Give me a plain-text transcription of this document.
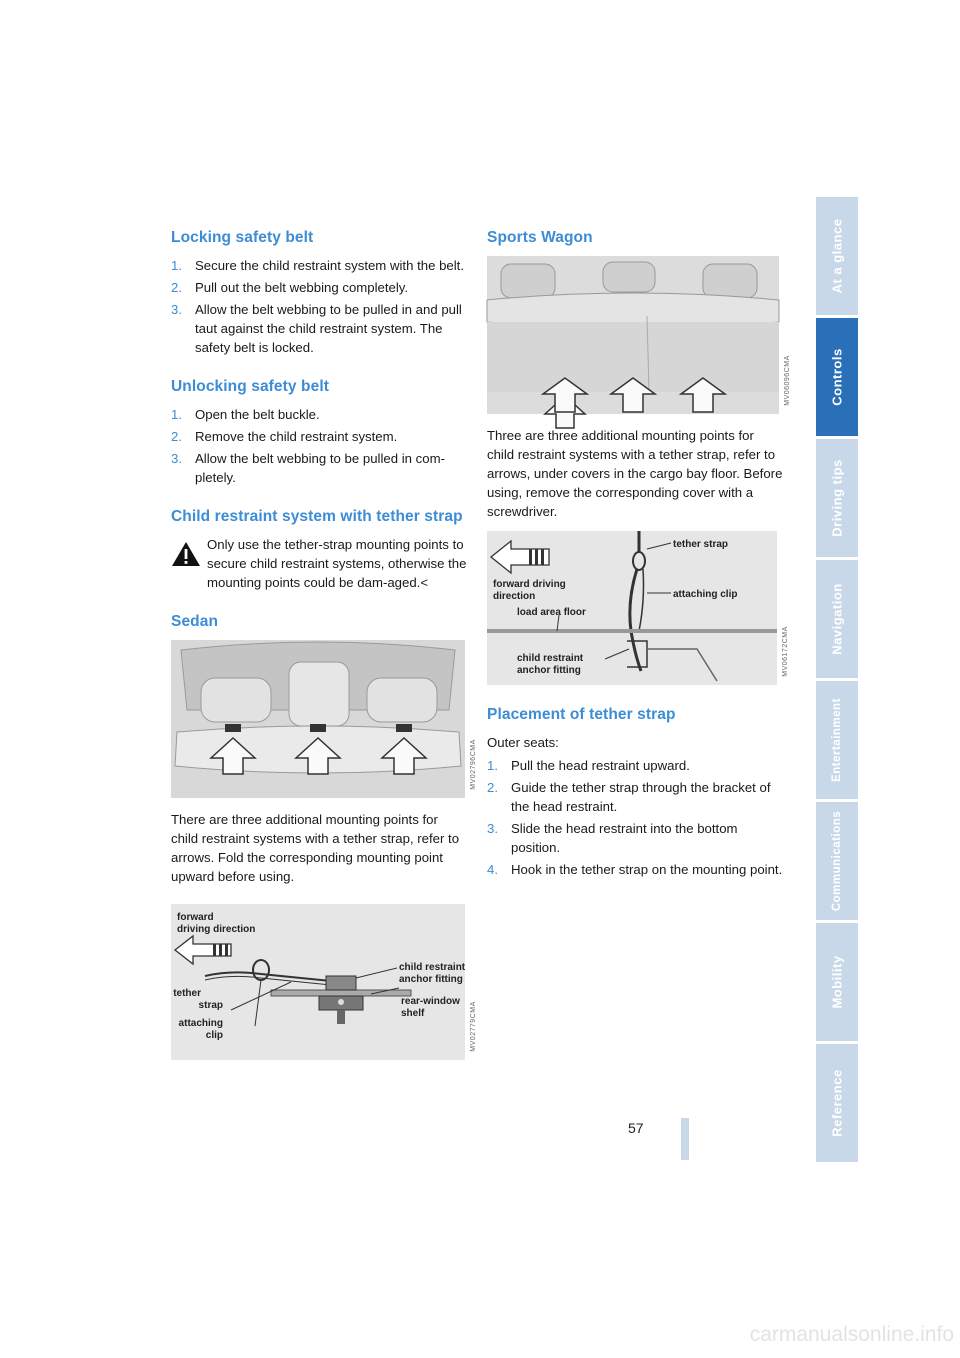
Locking safety belt
1. Secure the child restraint system with the belt.
2. Pull out the belt webbing completely.
3. Allow the belt webbing to be pulled in and pull taut against the child restraint system. The safety belt is locked.
Unlocking safety belt
1. Open the belt buckle.
2. Remove the child restraint system.
3. Allow the belt webbing to be pulled in com-pletely.
Child restraint system with tether strap
Only use the tether-strap mounting points to secure child restraint systems, otherwise the mounting points could be dam-aged.<
Sedan
MV02796CMA

There are three additional mounting points for child restraint systems with a tether strap, refer to arrows. Fold the corresponding mounting point upward before using.

forward
driving direction
tether
strap
attaching
clip
child restraint
anchor fitting
rear-window
shelf	MV02779CMA
Sports Wagon
MV06096CMA

Three are three additional mounting points for child restraint systems with a tether strap, refer to arrows, under covers in the cargo bay floor. Before using, remove the corresponding cover with a screwdriver.

forward driving
direction
tether strap
attaching clip
load area floor
child restraint
anchor fitting	MV06172CMA
Placement of tether strap

Outer seats:

1. Pull the head restraint upward.
2. Guide the tether strap through the bracket of the head restraint.
3. Slide the head restraint into the bottom position.
4. Hook in the tether strap on the mounting point.
At a glance
Controls
Driving tips
Navigation
Entertainment
Communications
Mobility
Reference
57
carmanualsonline.info
